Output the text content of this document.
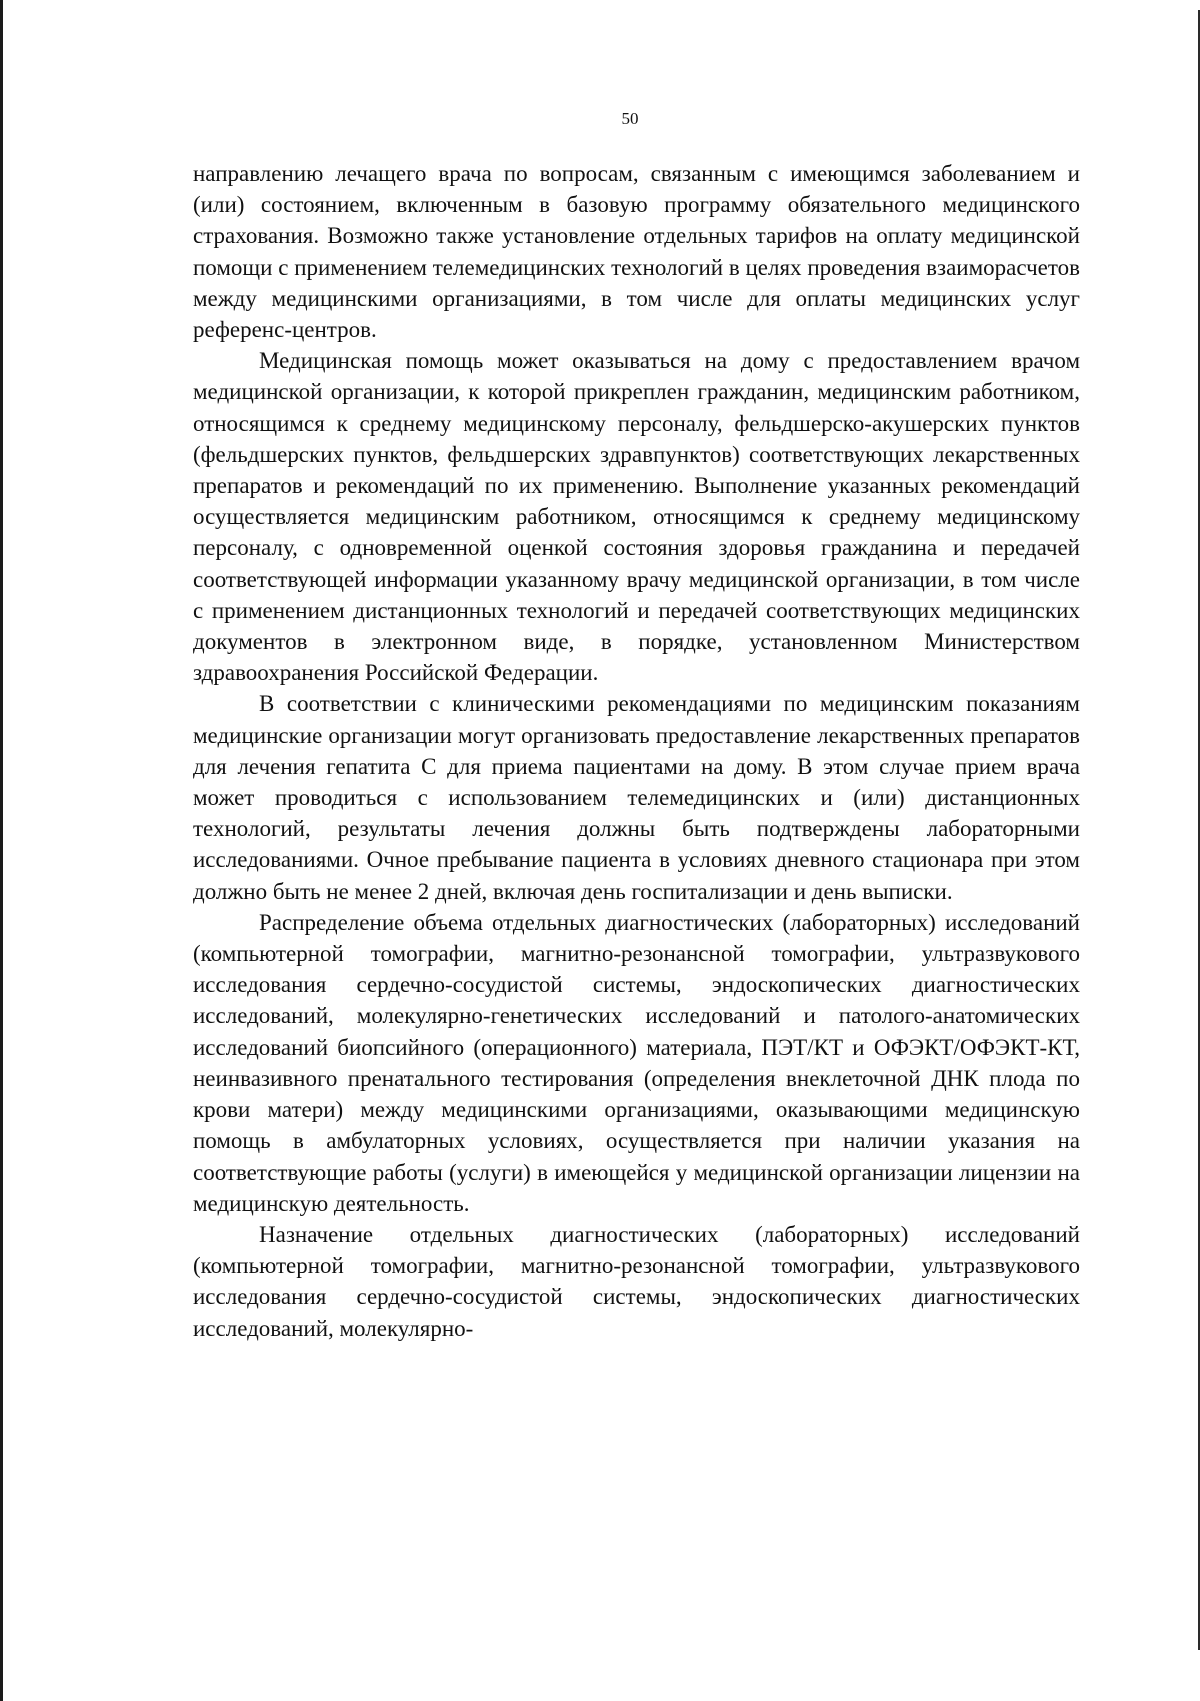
50

направлению лечащего врача по вопросам, связанным с имеющимся заболеванием и (или) состоянием, включенным в базовую программу обязательного медицинского страхования. Возможно также установление отдельных тарифов на оплату медицинской помощи с применением телемедицинских технологий в целях проведения взаиморасчетов между медицинскими организациями, в том числе для оплаты медицинских услуг референс-центров.

Медицинская помощь может оказываться на дому с предоставлением врачом медицинской организации, к которой прикреплен гражданин, медицинским работником, относящимся к среднему медицинскому персоналу, фельдшерско-акушерских пунктов (фельдшерских пунктов, фельдшерских здравпунктов) соответствующих лекарственных препаратов и рекомендаций по их применению. Выполнение указанных рекомендаций осуществляется медицинским работником, относящимся к среднему медицинскому персоналу, с одновременной оценкой состояния здоровья гражданина и передачей соответствующей информации указанному врачу медицинской организации, в том числе с применением дистанционных технологий и передачей соответствующих медицинских документов в электронном виде, в порядке, установленном Министерством здравоохранения Российской Федерации.

В соответствии с клиническими рекомендациями по медицинским показаниям медицинские организации могут организовать предоставление лекарственных препаратов для лечения гепатита С для приема пациентами на дому. В этом случае прием врача может проводиться с использованием телемедицинских и (или) дистанционных технологий, результаты лечения должны быть подтверждены лабораторными исследованиями. Очное пребывание пациента в условиях дневного стационара при этом должно быть не менее 2 дней, включая день госпитализации и день выписки.

Распределение объема отдельных диагностических (лабораторных) исследований (компьютерной томографии, магнитно-резонансной томографии, ультразвукового исследования сердечно-сосудистой системы, эндоскопических диагностических исследований, молекулярно-генетических исследований и патолого-анатомических исследований биопсийного (операционного) материала, ПЭТ/КТ и ОФЭКТ/ОФЭКТ-КТ, неинвазивного пренатального тестирования (определения внеклеточной ДНК плода по крови матери) между медицинскими организациями, оказывающими медицинскую помощь в амбулаторных условиях, осуществляется при наличии указания на соответствующие работы (услуги) в имеющейся у медицинской организации лицензии на медицинскую деятельность.

Назначение отдельных диагностических (лабораторных) исследований (компьютерной томографии, магнитно-резонансной томографии, ультразвукового исследования сердечно-сосудистой системы, эндоскопических диагностических исследований, молекулярно-
